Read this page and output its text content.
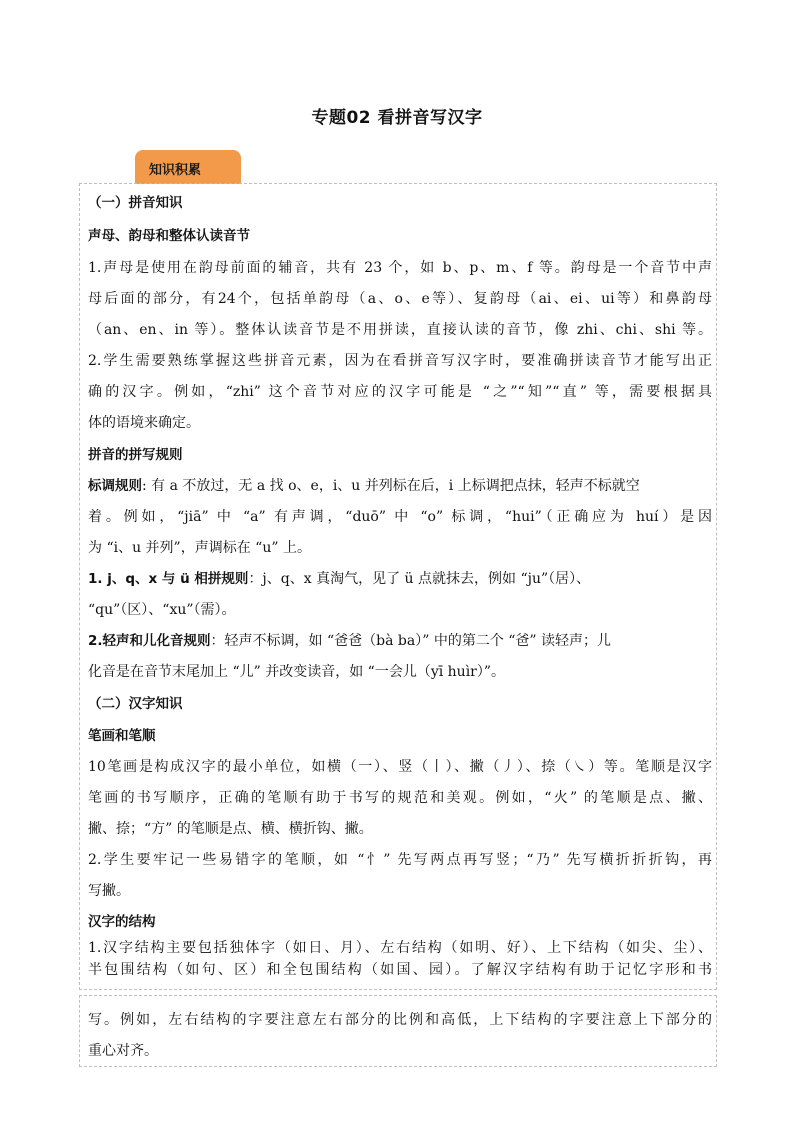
专题02 看拼音写汉字
知识积累
（一）拼音知识
声母、韵母和整体认读音节
1.声母是使用在韵母前面的辅音，共有 23 个，如 b、p、m、f 等。韵母是一个音节中声
母后面的部分，有24个，包括单韵母（a、o、e等）、复韵母（ai、ei、ui等）和鼻韵母
（an、en、in 等）。整体认读音节是不用拼读，直接认读的音节，像 zhi、chi、shi 等。
2.学生需要熟练掌握这些拼音元素，因为在看拼音写汉字时，要准确拼读音节才能写出正
确的汉字。例如，“zhi” 这个音节对应的汉字可能是 “之”“知”“直” 等，需要根据具
体的语境来确定。
拼音的拼写规则
标调规则: 有 a 不放过，无 a 找 o、e，i、u 并列标在后，i 上标调把点抹，轻声不标就空
着。例如，“jiā” 中 “a” 有声调，“duō” 中 “o” 标调，“hui”（正确应为 huí）是因
为 “i、u 并列”，声调标在 “u” 上。
1. j、q、x 与 ü 相拼规则：j、q、x 真淘气，见了 ü 点就抹去，例如 “ju”（居）、
“qu”（区）、“xu”（需）。
2.轻声和儿化音规则：轻声不标调，如 “爸爸（bà ba）” 中的第二个 “爸” 读轻声；儿
化音是在音节末尾加上 “儿” 并改变读音，如 “一会儿（yī huìr）”。
（二）汉字知识
笔画和笔顺
10笔画是构成汉字的最小单位，如横（一）、竖（丨）、撇（丿）、捺（㇏）等。笔顺是汉字
笔画的书写顺序，正确的笔顺有助于书写的规范和美观。例如，“火” 的笔顺是点、撇、
撇、捺；“方” 的笔顺是点、横、横折钩、撇。
2.学生要牢记一些易错字的笔顺，如 “忄” 先写两点再写竖；“乃” 先写横折折折钩，再
写撇。
汉字的结构
1.汉字结构主要包括独体字（如日、月）、左右结构（如明、好）、上下结构（如尖、尘）、
半包围结构（如句、区）和全包围结构（如国、园）。了解汉字结构有助于记忆字形和书
写。例如，左右结构的字要注意左右部分的比例和高低，上下结构的字要注意上下部分的
重心对齐。
